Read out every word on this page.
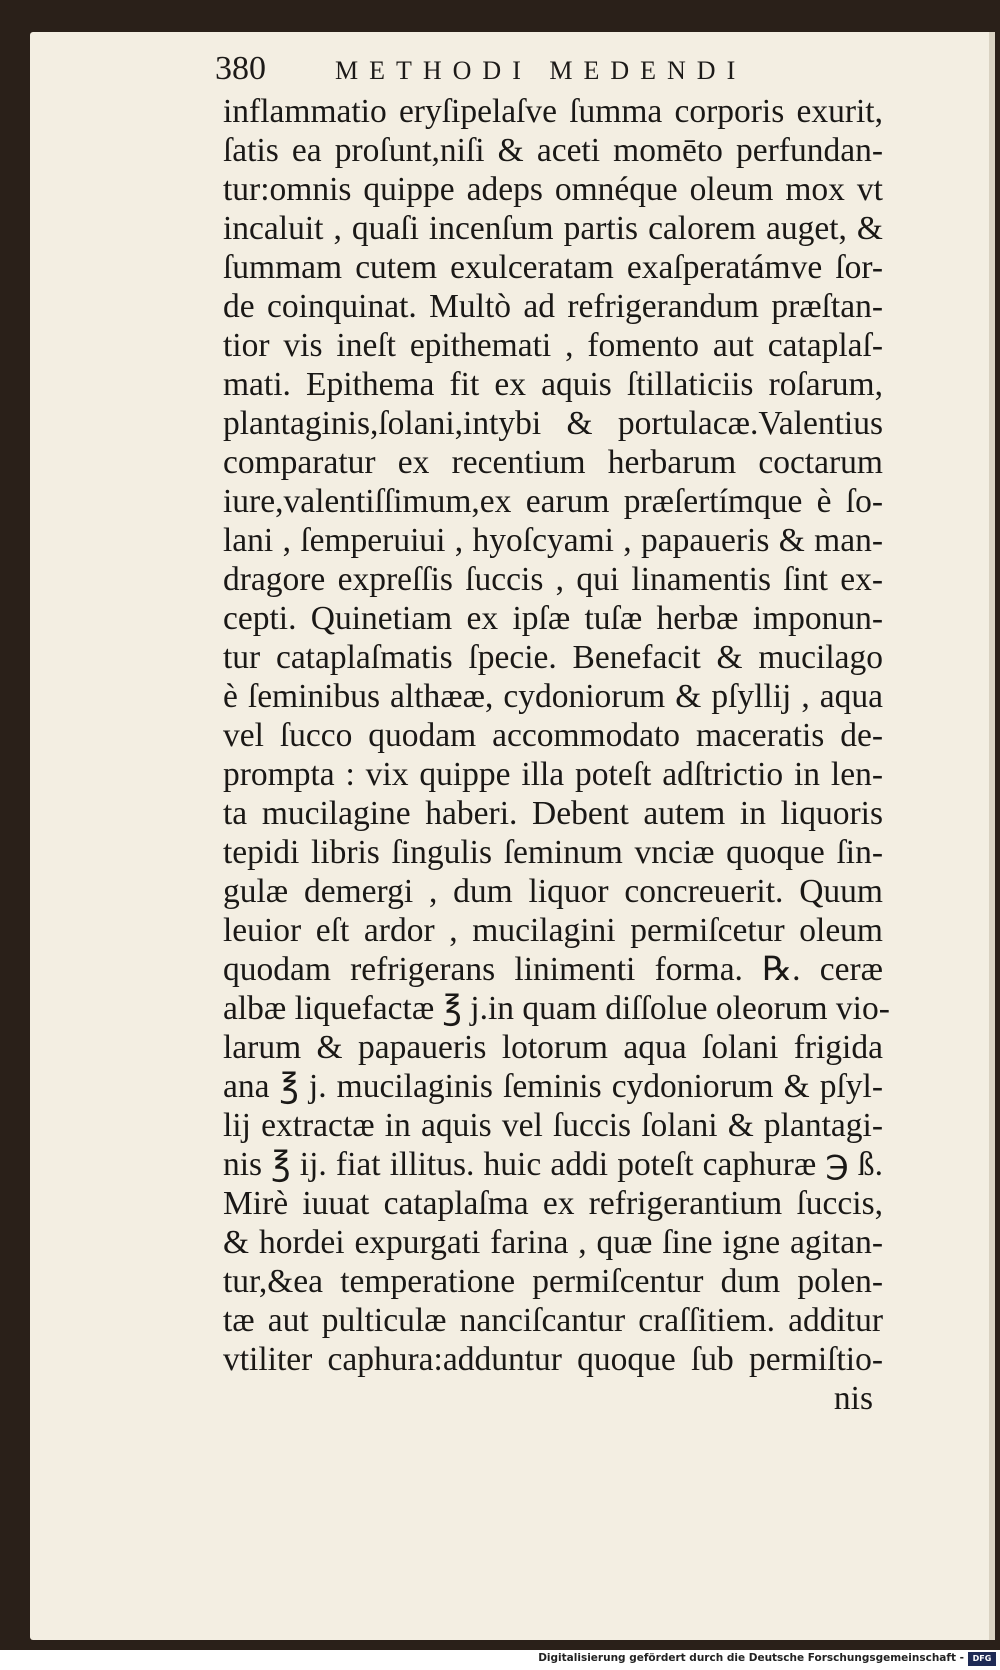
380	METHODI MEDENDI
inflammatio eryſipelaſve ſumma corporis exurit,
ſatis ea proſunt,niſi & aceti momēto perfundan-
tur:omnis quippe adeps omnéque oleum mox vt
incaluit , quaſi incenſum partis calorem auget, &
ſummam cutem exulceratam exaſperatámve ſor-
de coinquinat. Multò ad refrigerandum præſtan-
tior vis ineſt epithemati , fomento aut cataplaſ-
mati. Epithema fit ex aquis ſtillaticiis roſarum,
plantaginis,ſolani,intybi & portulacæ.Valentius
comparatur ex recentium herbarum coctarum
iure,valentiſſimum,ex earum præſertímque è ſo-
lani , ſemperuiui , hyoſcyami , papaueris & man-
dragore expreſſis ſuccis , qui linamentis ſint ex-
cepti. Quinetiam ex ipſæ tuſæ herbæ imponun-
tur cataplaſmatis ſpecie. Benefacit & mucilago
è ſeminibus althææ, cydoniorum & pſyllij , aqua
vel ſucco quodam accommodato maceratis de-
prompta : vix quippe illa poteſt adſtrictio in len-
ta mucilagine haberi. Debent autem in liquoris
tepidi libris ſingulis ſeminum vnciæ quoque ſin-
gulæ demergi , dum liquor concreuerit. Quum
leuior eſt ardor , mucilagini permiſcetur oleum
quodam refrigerans linimenti forma. ℞. ceræ
albæ liquefactæ ℥ j.in quam diſſolue oleorum vio-
larum & papaueris lotorum aqua ſolani frigida
ana ℥ j. mucilaginis ſeminis cydoniorum & pſyl-
lij extractæ in aquis vel ſuccis ſolani & plantagi-
nis ℥ ij. fiat illitus. huic addi poteſt caphuræ ℈ ß.
Mirè iuuat cataplaſma ex refrigerantium ſuccis,
& hordei expurgati farina , quæ ſine igne agitan-
tur,&ea temperatione permiſcentur dum polen-
tæ aut pulticulæ nanciſcantur craſſitiem. additur
vtiliter caphura:adduntur quoque ſub permiſtio-
nis
Digitalisierung gefördert durch die Deutsche Forschungsgemeinschaft -	DFG
